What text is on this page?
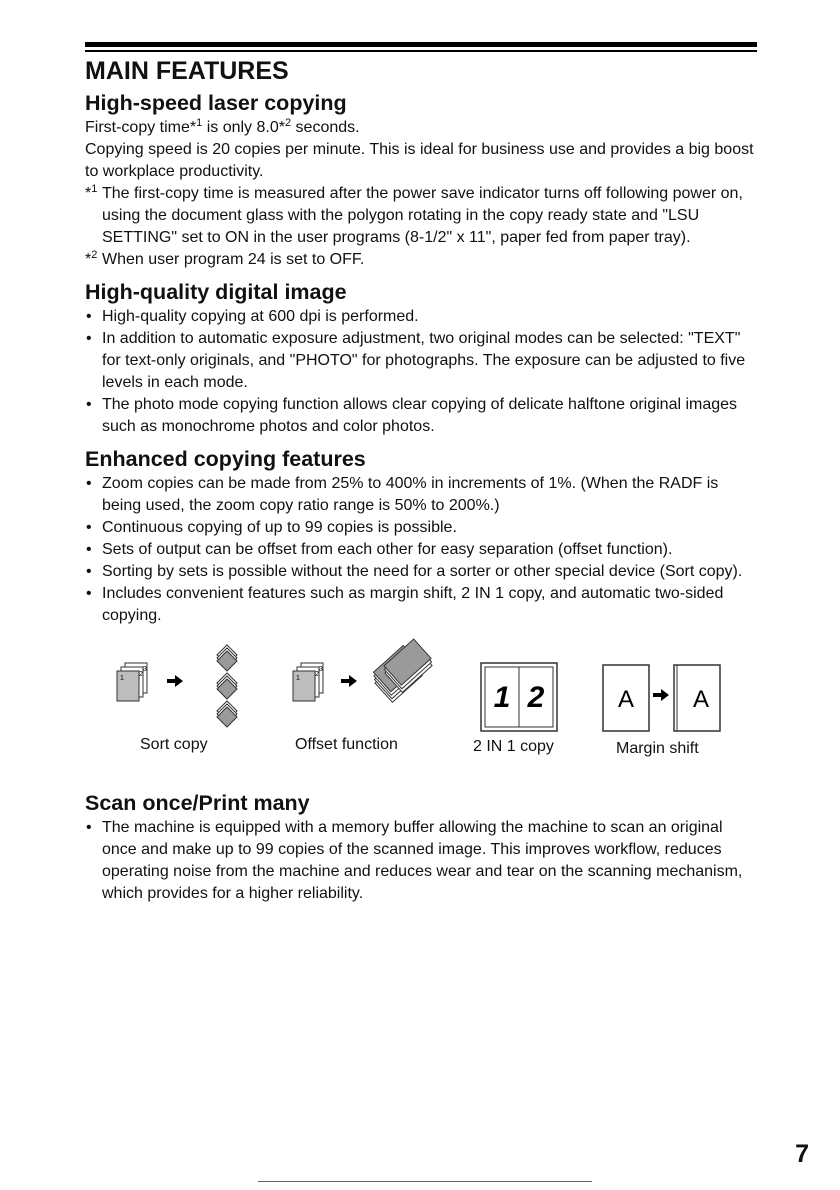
MAIN FEATURES
High-speed laser copying

First-copy time*$^1$ is only 8.0*$^2$ seconds.

Copying speed is 20 copies per minute. This is ideal for business use and provides a big boost to workplace productivity.

*$^1$ The first-copy time is measured after the power save indicator turns off following power on, using the document glass with the polygon rotating in the copy ready state and "LSU SETTING" set to ON in the user programs (8-1/2" x 11", paper fed from paper tray).
*$^2$ When user program 24 is set to OFF.
High-quality digital image
• High-quality copying at 600 dpi is performed.
• In addition to automatic exposure adjustment, two original modes can be selected: "TEXT" for text-only originals, and "PHOTO" for photographs. The exposure can be adjusted to five levels in each mode.
• The photo mode copying function allows clear copying of delicate halftone original images such as monochrome photos and color photos.
Enhanced copying features
• Zoom copies can be made from 25% to 400% in increments of 1%. (When the RADF is being used, the zoom copy ratio range is 50% to 200%.)
• Continuous copying of up to 99 copies is possible.
• Sets of output can be offset from each other for easy separation (offset function).
• Sorting by sets is possible without the need for a sorter or other special device (Sort copy).
• Includes convenient features such as margin shift, 2 IN 1 copy, and automatic two-sided copying.
3
2
1
3
2
1
1 2	A A
Sort copy	Offset function	2 IN 1 copy	Margin shift
Scan once/Print many
• The machine is equipped with a memory buffer allowing the machine to scan an original once and make up to 99 copies of the scanned image. This improves workflow, reduces operating noise from the machine and reduces wear and tear on the scanning mechanism, which provides for a higher reliability.
7
